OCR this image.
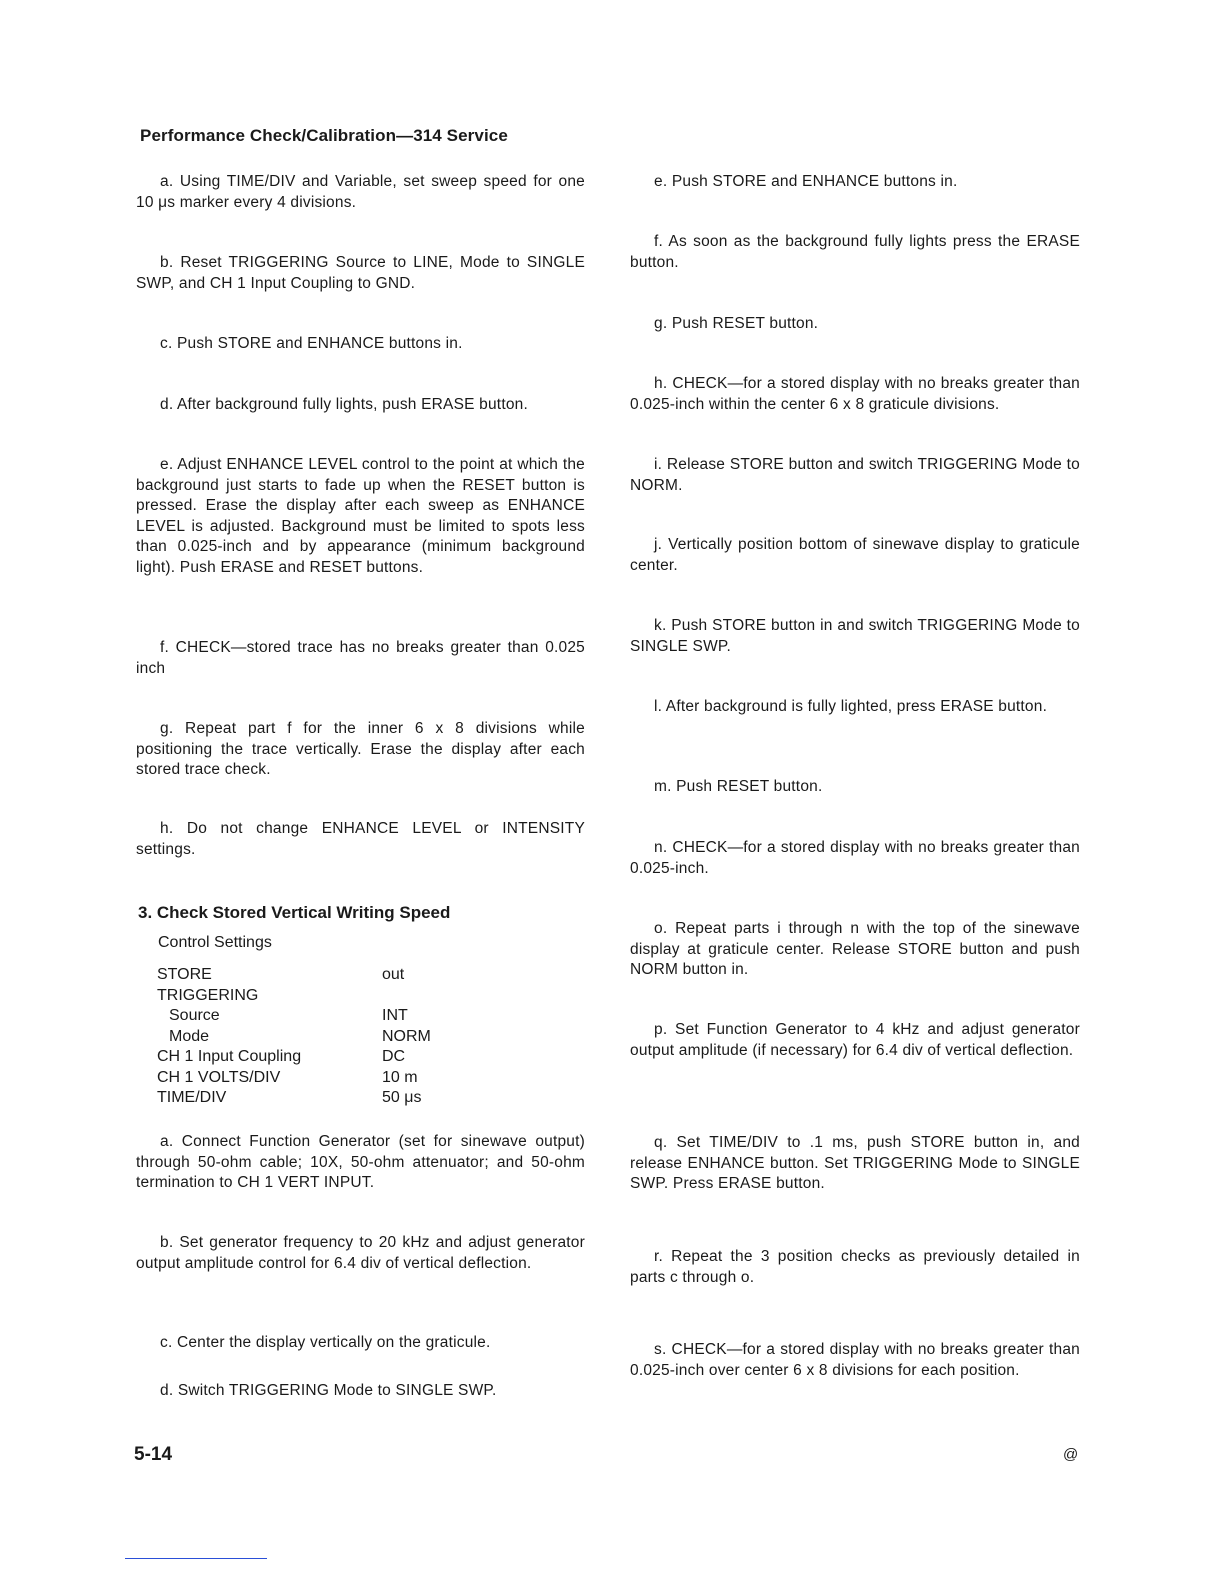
Performance Check/Calibration—314 Service

a. Using TIME/DIV and Variable, set sweep speed for one 10 μs marker every 4 divisions.

b. Reset TRIGGERING Source to LINE, Mode to SINGLE SWP, and CH 1 Input Coupling to GND.

c. Push STORE and ENHANCE buttons in.

d. After background fully lights, push ERASE button.

e. Adjust ENHANCE LEVEL control to the point at which the background just starts to fade up when the RESET button is pressed. Erase the display after each sweep as ENHANCE LEVEL is adjusted. Background must be limited to spots less than 0.025-inch and by appearance (minimum background light). Push ERASE and RESET buttons.

f. CHECK—stored trace has no breaks greater than 0.025 inch

g. Repeat part f for the inner 6 x 8 divisions while positioning the trace vertically. Erase the display after each stored trace check.

h. Do not change ENHANCE LEVEL or INTENSITY settings.

3. Check Stored Vertical Writing Speed
Control Settings
STORE	out
TRIGGERING
Source	INT
Mode	NORM
CH 1 Input Coupling	DC
CH 1 VOLTS/DIV	10 m
TIME/DIV	50 μs

a. Connect Function Generator (set for sinewave output) through 50-ohm cable; 10X, 50-ohm attenuator; and 50-ohm termination to CH 1 VERT INPUT.

b. Set generator frequency to 20 kHz and adjust generator output amplitude control for 6.4 div of vertical deflection.

c. Center the display vertically on the graticule.

d. Switch TRIGGERING Mode to SINGLE SWP.

e. Push STORE and ENHANCE buttons in.

f. As soon as the background fully lights press the ERASE button.

g. Push RESET button.

h. CHECK—for a stored display with no breaks greater than 0.025-inch within the center 6 x 8 graticule divisions.

i. Release STORE button and switch TRIGGERING Mode to NORM.

j. Vertically position bottom of sinewave display to graticule center.

k. Push STORE button in and switch TRIGGERING Mode to SINGLE SWP.

l. After background is fully lighted, press ERASE button.

m. Push RESET button.

n. CHECK—for a stored display with no breaks greater than 0.025-inch.

o. Repeat parts i through n with the top of the sinewave display at graticule center. Release STORE button and push NORM button in.

p. Set Function Generator to 4 kHz and adjust generator output amplitude (if necessary) for 6.4 div of vertical deflection.

q. Set TIME/DIV to .1 ms, push STORE button in, and release ENHANCE button. Set TRIGGERING Mode to SINGLE SWP. Press ERASE button.

r. Repeat the 3 position checks as previously detailed in parts c through o.

s. CHECK—for a stored display with no breaks greater than 0.025-inch over center 6 x 8 divisions for each position.

5-14	@
